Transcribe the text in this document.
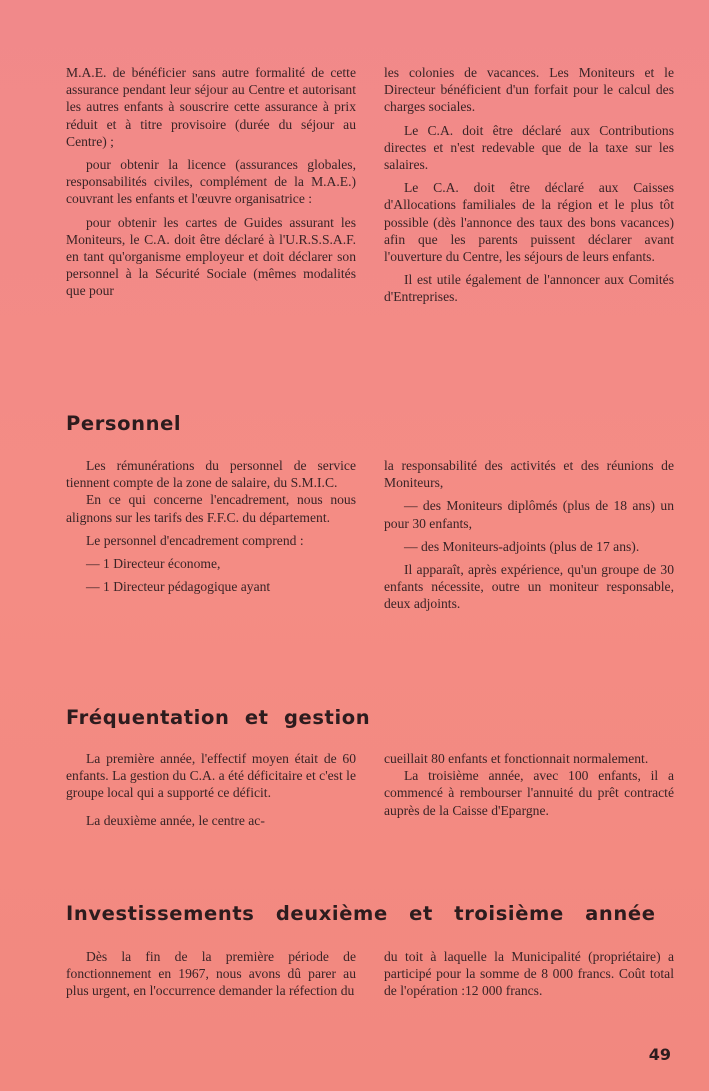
M.A.E. de bénéficier sans autre formalité de cette assurance pendant leur séjour au Centre et autorisant les autres enfants à souscrire cette assurance à prix réduit et à titre provisoire (durée du séjour au Centre) ;

pour obtenir la licence (assurances globales, responsabilités civiles, complément de la M.A.E.) couvrant les enfants et l'œuvre organisatrice :

pour obtenir les cartes de Guides assurant les Moniteurs, le C.A. doit être déclaré à l'U.R.S.S.A.F. en tant qu'organisme employeur et doit déclarer son personnel à la Sécurité Sociale (mêmes modalités que pour

les colonies de vacances. Les Moniteurs et le Directeur bénéficient d'un forfait pour le calcul des charges sociales.

Le C.A. doit être déclaré aux Contributions directes et n'est redevable que de la taxe sur les salaires.

Le C.A. doit être déclaré aux Caisses d'Allocations familiales de la région et le plus tôt possible (dès l'annonce des taux des bons vacances) afin que les parents puissent déclarer avant l'ouverture du Centre, les séjours de leurs enfants.

Il est utile également de l'annoncer aux Comités d'Entreprises.

Personnel

Les rémunérations du personnel de service tiennent compte de la zone de salaire, du S.M.I.C.

En ce qui concerne l'encadrement, nous nous alignons sur les tarifs des F.F.C. du département.

Le personnel d'encadrement comprend :

— 1 Directeur économe,

— 1 Directeur pédagogique ayant

la responsabilité des activités et des réunions de Moniteurs,

— des Moniteurs diplômés (plus de 18 ans) un pour 30 enfants,

— des Moniteurs-adjoints (plus de 17 ans).

Il apparaît, après expérience, qu'un groupe de 30 enfants nécessite, outre un moniteur responsable, deux adjoints.

Fréquentation et gestion

La première année, l'effectif moyen était de 60 enfants. La gestion du C.A. a été déficitaire et c'est le groupe local qui a supporté ce déficit.

La deuxième année, le centre ac-

cueillait 80 enfants et fonctionnait normalement.

La troisième année, avec 100 enfants, il a commencé à rembourser l'annuité du prêt contracté auprès de la Caisse d'Epargne.

Investissements deuxième et troisième année

Dès la fin de la première période de fonctionnement en 1967, nous avons dû parer au plus urgent, en l'occurrence demander la réfection du

du toit à laquelle la Municipalité (propriétaire) a participé pour la somme de 8 000 francs. Coût total de l'opération :12 000 francs.

49
